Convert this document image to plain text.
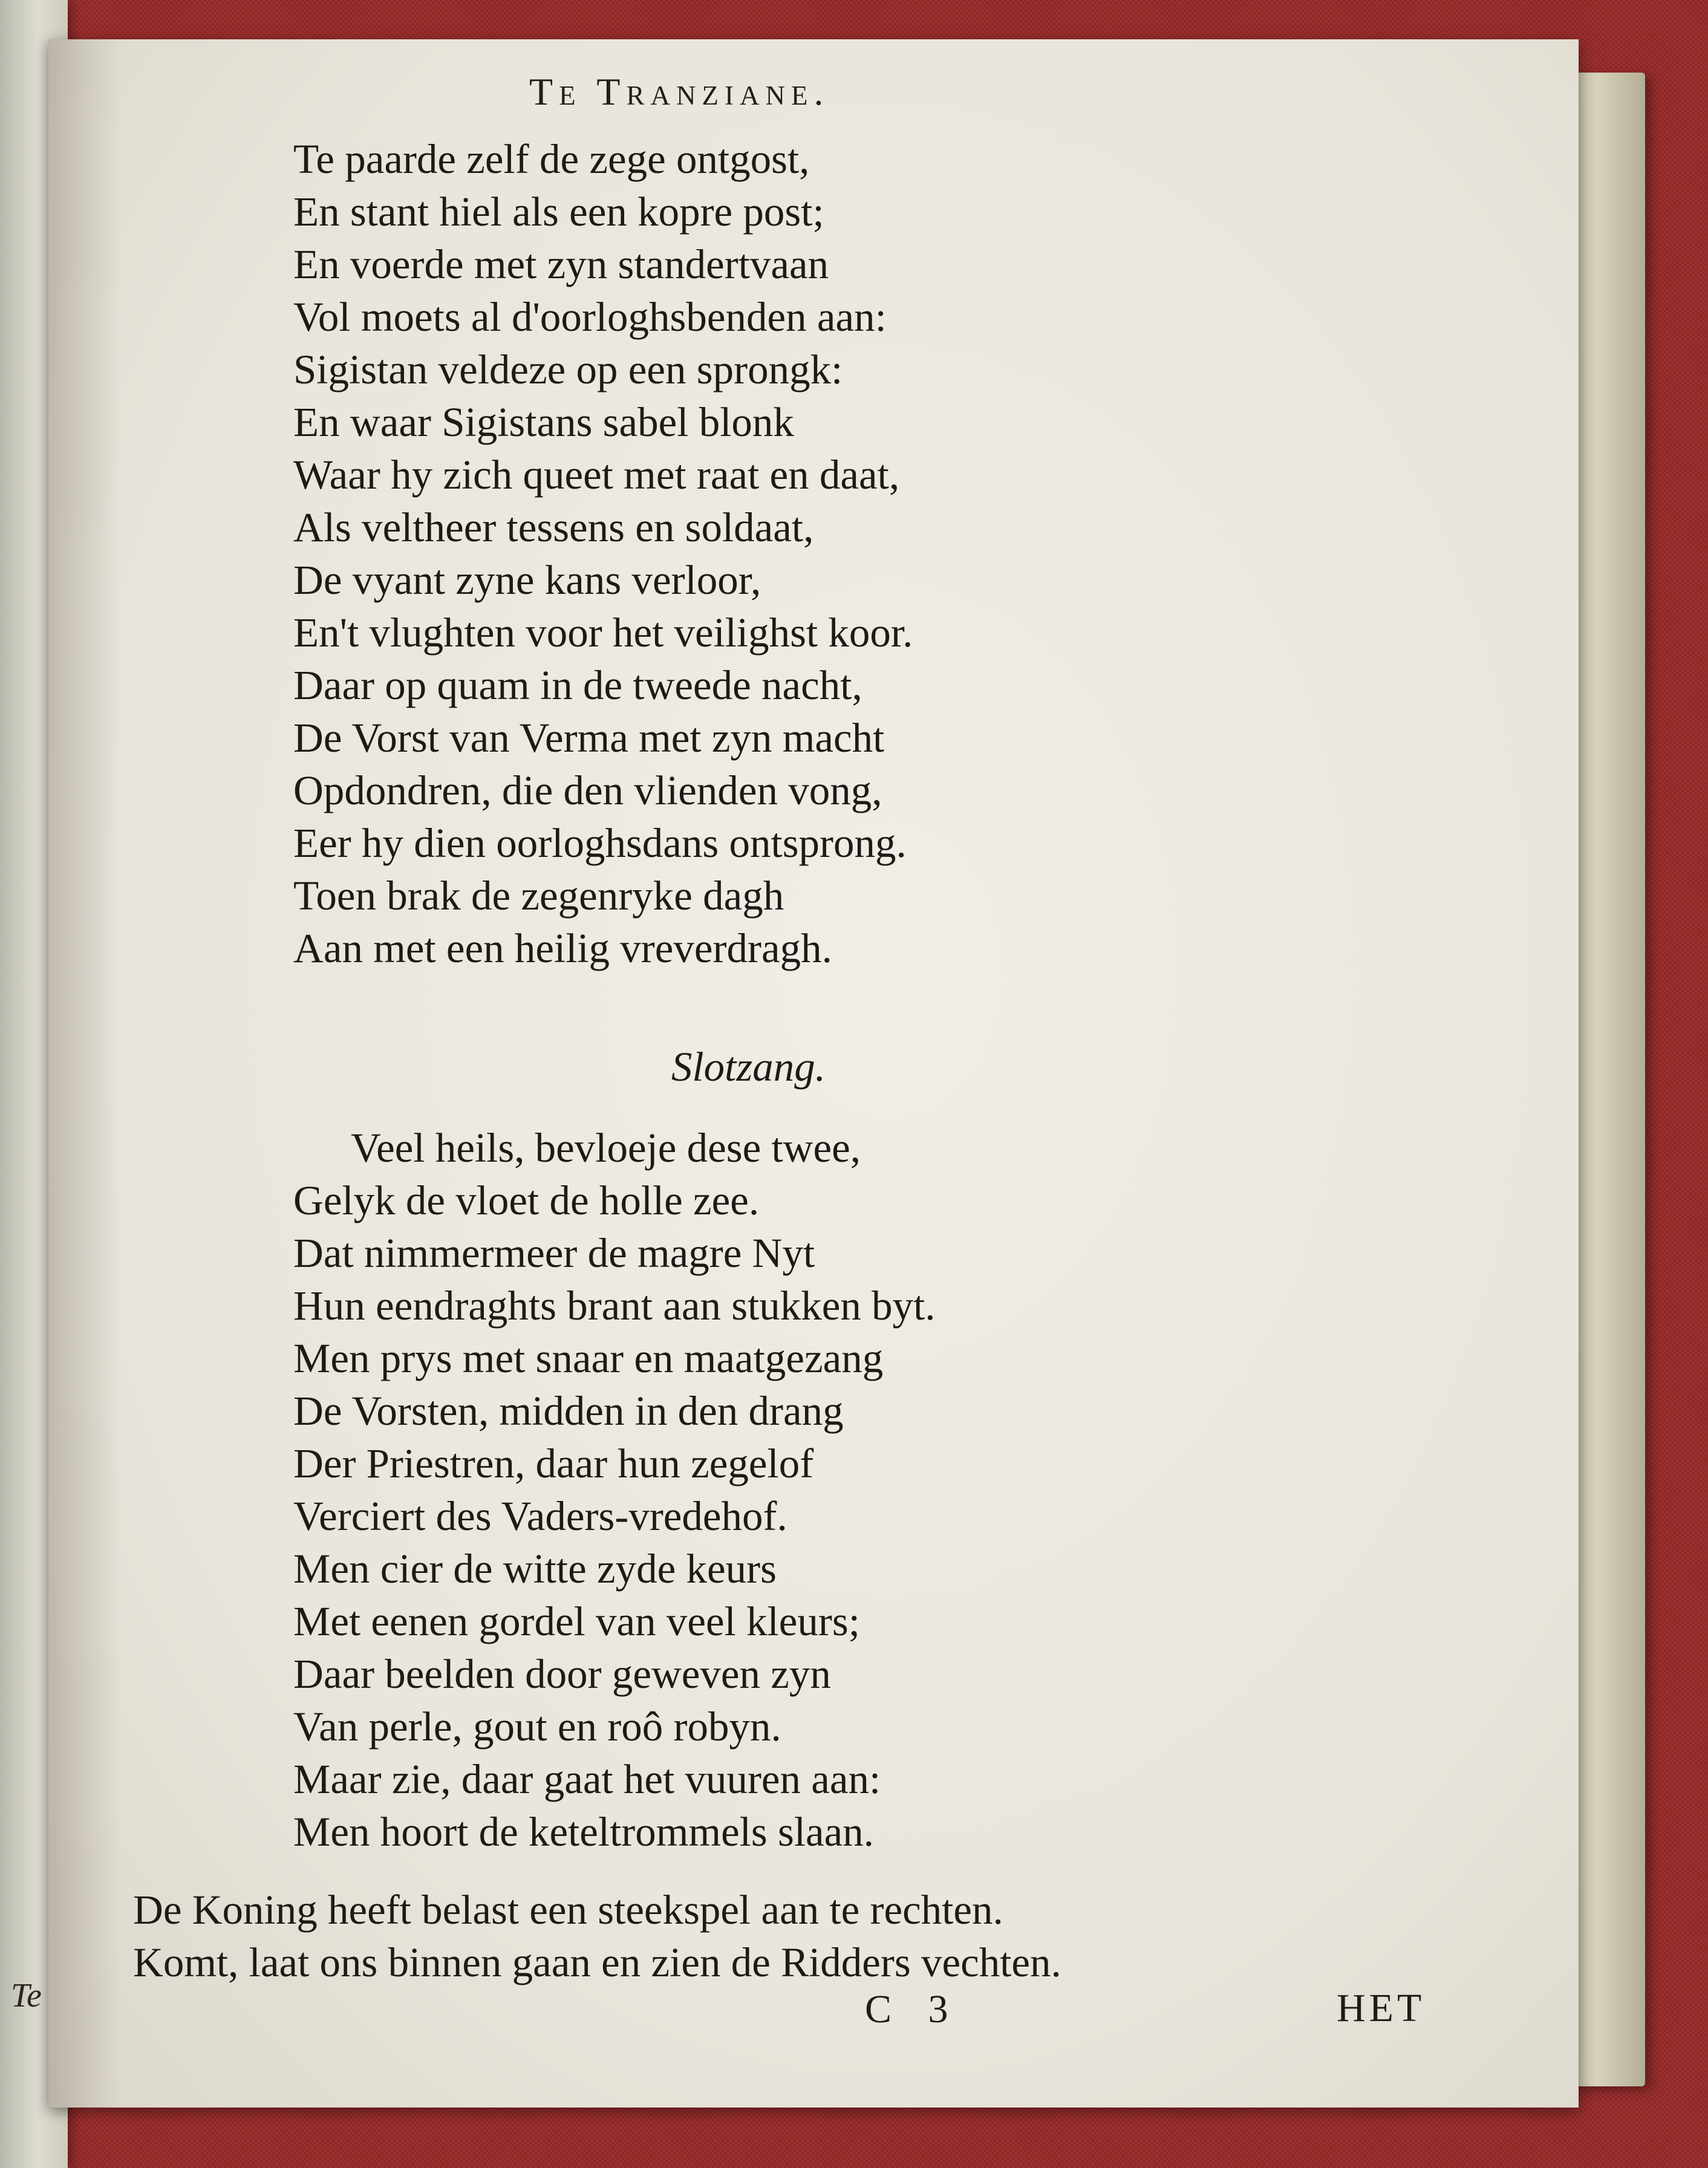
Te
Te Tranziane.
Te paarde zelf de zege ontgost,
En stant hiel als een kopre post;
En voerde met zyn standertvaan
Vol moets al d'oorloghsbenden aan:
Sigistan veldeze op een sprongk:
En waar Sigistans sabel blonk
Waar hy zich queet met raat en daat,
Als veltheer tessens en soldaat,
De vyant zyne kans verloor,
En't vlughten voor het veilighst koor.
Daar op quam in de tweede nacht,
De Vorst van Verma met zyn macht
Opdondren, die den vlienden vong,
Eer hy dien oorloghsdans ontsprong.
Toen brak de zegenryke dagh
Aan met een heilig vreverdragh.
Slotzang.
Veel heils, bevloeje dese twee,
Gelyk de vloet de holle zee.
Dat nimmermeer de magre Nyt
Hun eendraghts brant aan stukken byt.
Men prys met snaar en maatgezang
De Vorsten, midden in den drang
Der Priestren, daar hun zegelof
Verciert des Vaders-vredehof.
Men cier de witte zyde keurs
Met eenen gordel van veel kleurs;
Daar beelden door geweven zyn
Van perle, gout en roô robyn.
Maar zie, daar gaat het vuuren aan:
Men hoort de keteltrommels slaan.
De Koning heeft belast een steekspel aan te rechten.
Komt, laat ons binnen gaan en zien de Ridders vechten.
C 3	HET
